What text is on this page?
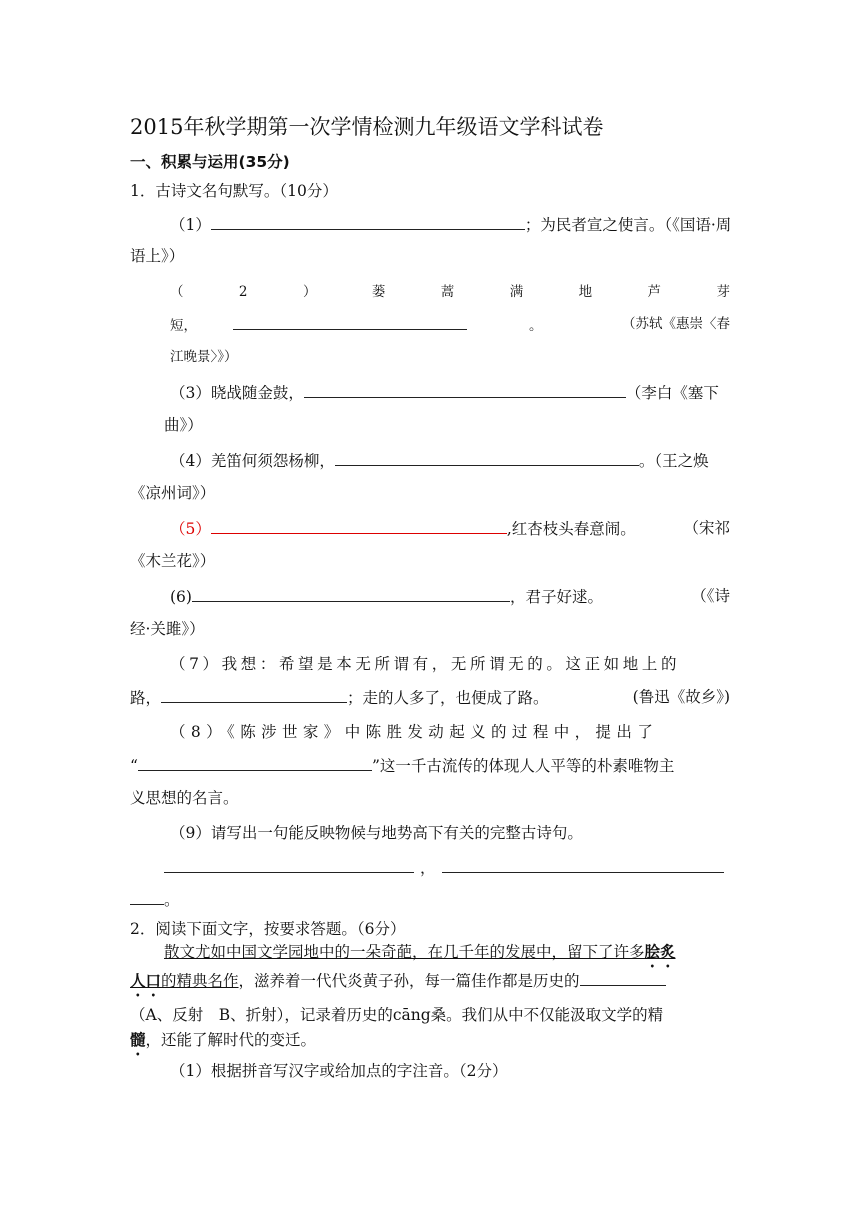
2015年秋学期第一次学情检测九年级语文学科试卷
一、积累与运用(35分)
1．古诗文名句默写。（10分）
（1）	；为民者宣之使言。（《国语·周
语上》）
（	2	）	蒌	蒿	满	地	芦	芽
短，	。	（苏轼《惠崇〈春
江晚景〉》）
（3）晓战随金鼓，	（李白《塞下
曲》）
（4）羌笛何须怨杨柳，	。（王之焕
《凉州词》）
（5）	,红杏枝头春意闹。	（宋祁
《木兰花》）
(6)	，君子好逑。	（《诗
经·关雎》）
（7）我想：希望是本无所谓有，无所谓无的。这正如地上的
路，	；走的人多了，也便成了路。	(鲁迅《故乡》)
（8）《陈涉世家》中陈胜发动起义的过程中，提出了
“	”这一千古流传的体现人人平等的朴素唯物主
义思想的名言。
（9）请写出一句能反映物候与地势高下有关的完整古诗句。
，
。
2．阅读下面文字，按要求答题。（6分）
散文尤如中国文学园地中的一朵奇葩，在几千年的发展中，留下了许多脍炙
人口的精典名作，滋养着一代代炎黄子孙，每一篇佳作都是历史的
（A、反射　B、折射），记录着历史的cāng桑。我们从中不仅能汲取文学的精
髓，还能了解时代的变迁。
（1）根据拼音写汉字或给加点的字注音。（2分）
